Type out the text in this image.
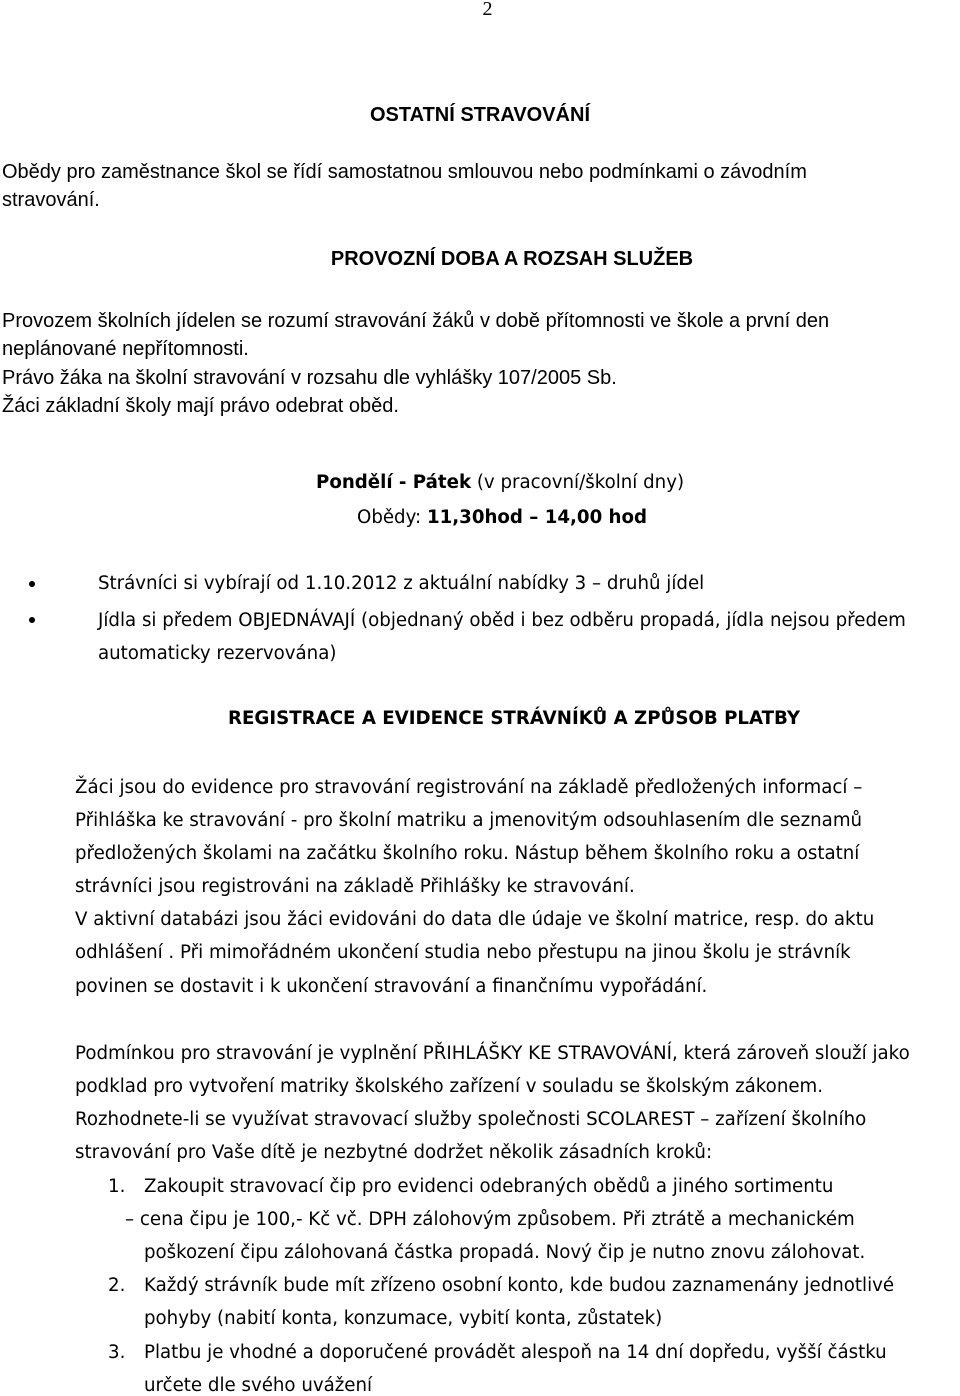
2
OSTATNÍ STRAVOVÁNÍ
Obědy pro zaměstnance škol se řídí samostatnou smlouvou nebo podmínkami o závodním
stravování.
PROVOZNÍ DOBA A ROZSAH SLUŽEB
Provozem školních jídelen se rozumí stravování žáků v době přítomnosti ve škole a první den
neplánované nepřítomnosti.
Právo žáka na školní stravování v rozsahu dle vyhlášky 107/2005 Sb.
Žáci základní školy mají právo odebrat oběd.
Pondělí - Pátek (v pracovní/školní dny)
Obědy: 11,30hod – 14,00 hod
Strávníci si vybírají od 1.10.2012 z aktuální nabídky 3 – druhů jídel
Jídla si předem OBJEDNÁVAJÍ (objednaný oběd i bez odběru propadá, jídla nejsou předem
automaticky rezervována)
REGISTRACE A EVIDENCE STRÁVNÍKŮ A ZPŮSOB PLATBY
Žáci jsou do evidence pro stravování registrování na základě předložených informací –
Přihláška ke stravování - pro školní matriku a jmenovitým odsouhlasením dle seznamů
předložených školami na začátku školního roku. Nástup během školního roku a ostatní
strávníci jsou registrováni na základě Přihlášky ke stravování.
V aktivní databázi jsou žáci evidováni do data dle údaje ve školní matrice, resp. do aktu
odhlášení . Při mimořádném ukončení studia nebo přestupu na jinou školu je strávník
povinen se dostavit i k ukončení stravování a finančnímu vypořádání.
Podmínkou pro stravování je vyplnění PŘIHLÁŠKY KE STRAVOVÁNÍ, která zároveň slouží jako
podklad pro vytvoření matriky školského zařízení v souladu se školským zákonem.
Rozhodnete-li se využívat stravovací služby společnosti SCOLAREST – zařízení školního
stravování pro Vaše dítě je nezbytné dodržet několik zásadních kroků:
1. Zakoupit stravovací čip pro evidenci odebraných obědů a jiného sortimentu
– cena čipu je 100,- Kč vč. DPH zálohovým způsobem. Při ztrátě a mechanickém
poškození čipu zálohovaná částka propadá. Nový čip je nutno znovu zálohovat.
2. Každý strávník bude mít zřízeno osobní konto, kde budou zaznamenány jednotlivé
pohyby (nabití konta, konzumace, vybití konta, zůstatek)
3. Platbu je vhodné a doporučené provádět alespoň na 14 dní dopředu, vyšší částku
určete dle svého uvážení
